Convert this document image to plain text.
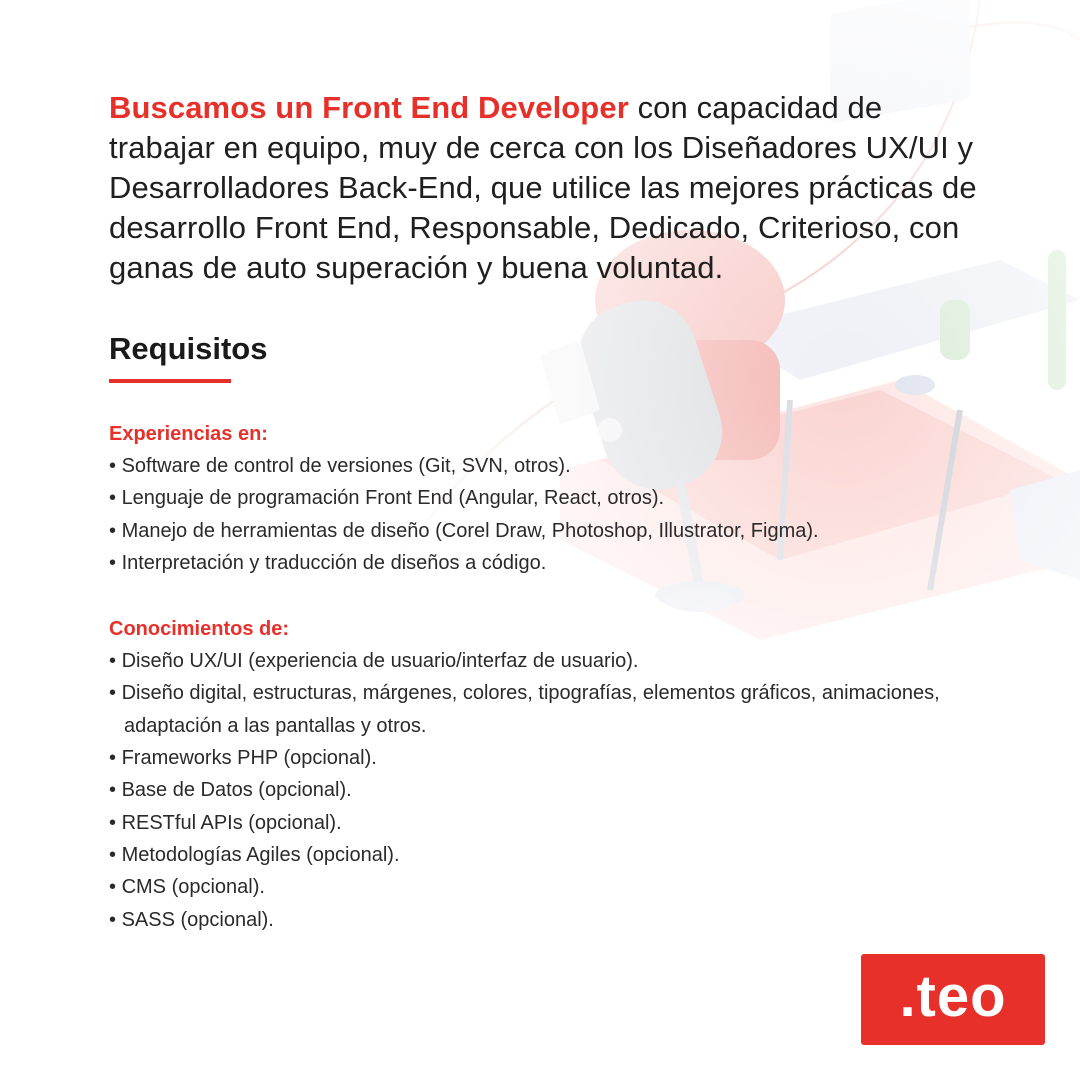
Buscamos un Front End Developer con capacidad de trabajar en equipo, muy de cerca con los Diseñadores UX/UI y Desarrolladores Back-End, que utilice las mejores prácticas de desarrollo Front End, Responsable, Dedicado, Criterioso, con ganas de auto superación y buena voluntad.

Requisitos
Experiencias en:
• Software de control de versiones (Git, SVN, otros).
• Lenguaje de programación Front End (Angular, React, otros).
• Manejo de herramientas de diseño (Corel Draw, Photoshop, Illustrator, Figma).
• Interpretación y traducción de diseños a código.
Conocimientos de:
• Diseño UX/UI (experiencia de usuario/interfaz de usuario).
• Diseño digital, estructuras, márgenes, colores, tipografías, elementos gráficos, animaciones, adaptación a las pantallas y otros.
• Frameworks PHP (opcional).
• Base de Datos (opcional).
• RESTful APIs (opcional).
• Metodologías Agiles (opcional).
• CMS (opcional).
• SASS (opcional).
.teo
